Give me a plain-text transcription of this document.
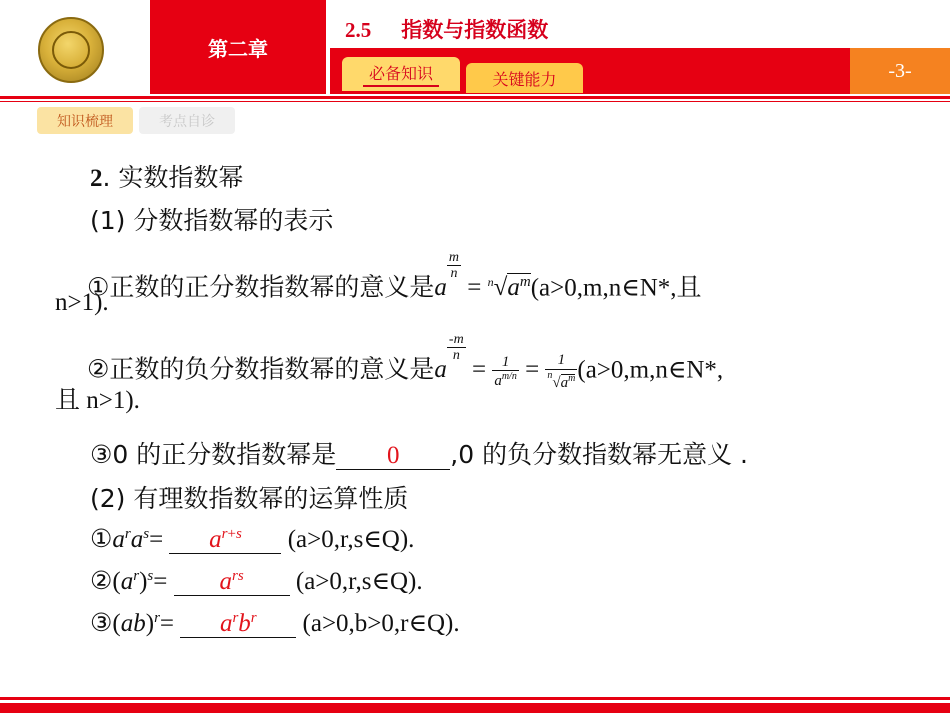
第二章
2.5 指数与指数函数
必备知识	关键能力	-3-
知识梳理	考点自诊
2. 实数指数幂
(1) 分数指数幂的表示
①正数的正分数指数幂的意义是a
$\frac{m}{n}$
= $^n√a^m(a>0,m,n\in N*$,且
n>1).
②正数的负分数指数幂的意义是a
$\frac{-m}{n}$
= $\frac{1}{a^{m/n}} = \frac{1}{^n√a^m}$ (a>0,m,n∈N*,
且 n>1).
③0 的正分数指数幂是 0 ,0 的负分数指数幂无意义 .
(2) 有理数指数幂的运算性质
$①a^ra^s= a^{r+s}$ (a>0,r,s∈Q).
$②(a^r)^s= a^{rs}$ (a>0,r,s∈Q).
③(ab)$^r$= $a^rb^r$ (a>0,b>0,r∈Q).
